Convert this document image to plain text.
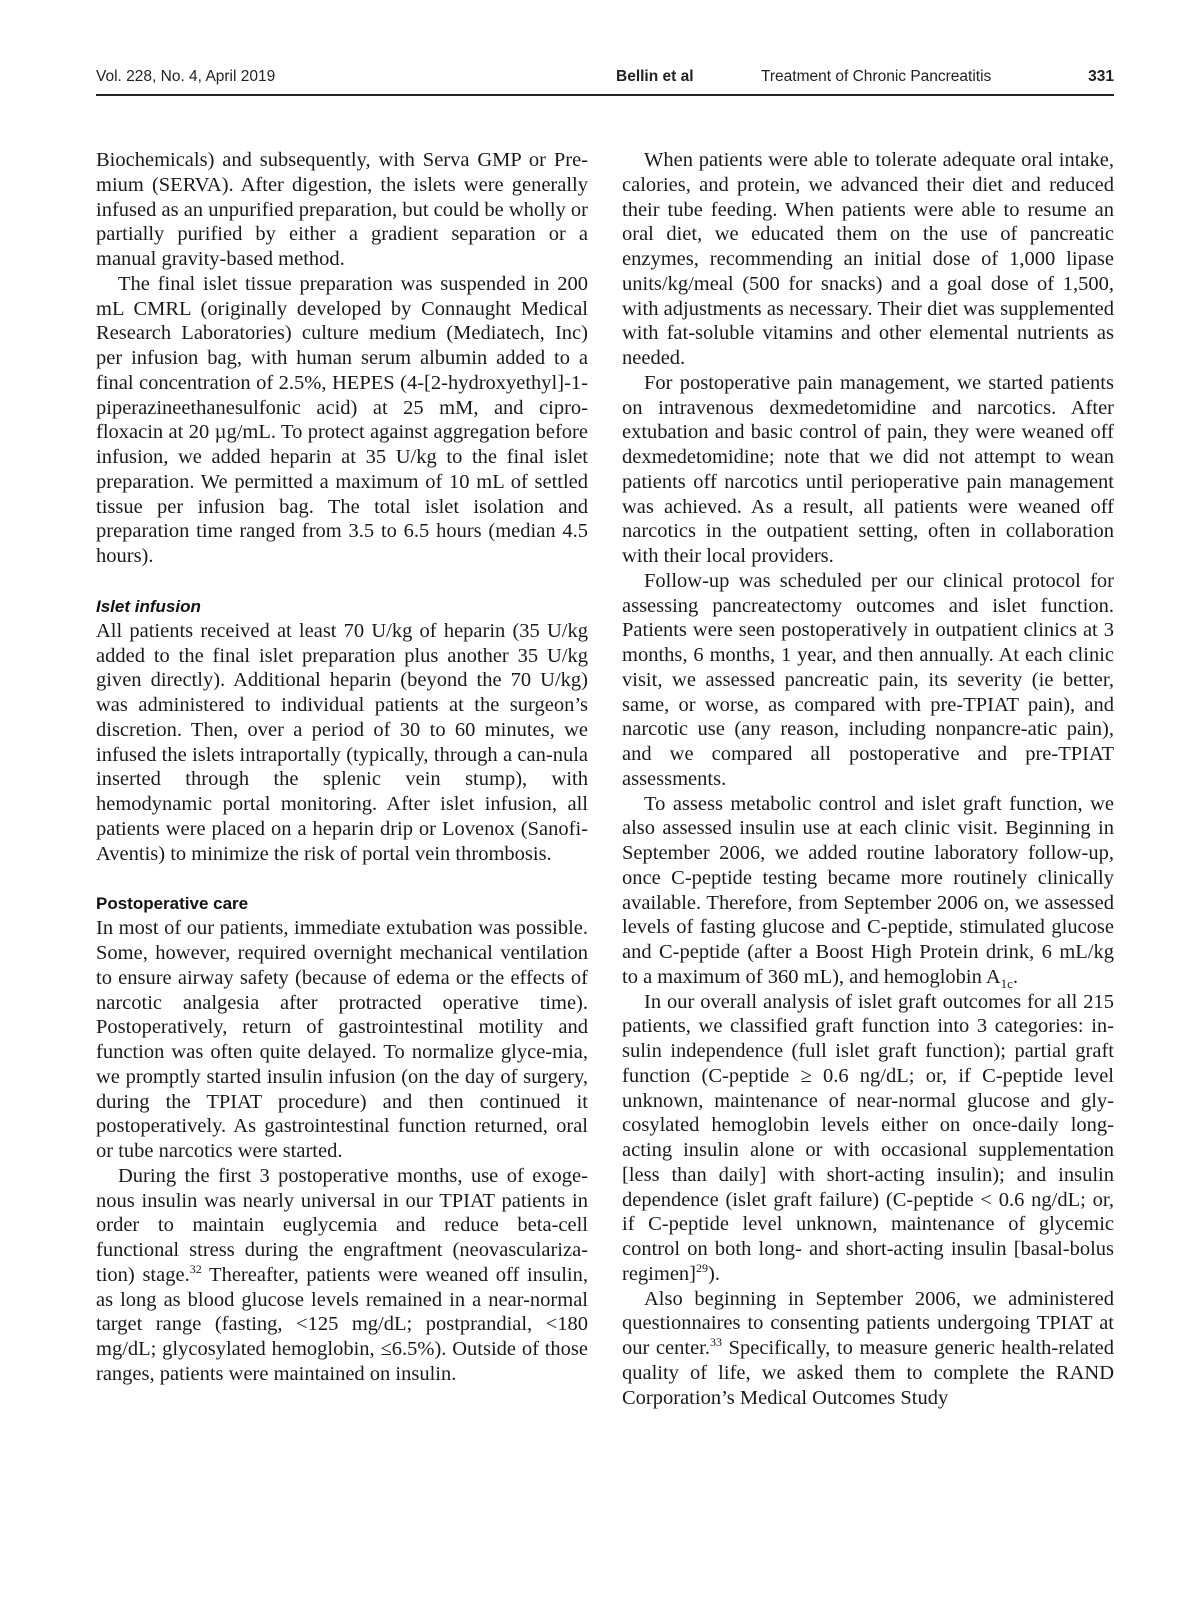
Vol. 228, No. 4, April 2019	Bellin et al	Treatment of Chronic Pancreatitis	331

Biochemicals) and subsequently, with Serva GMP or Pre-mium (SERVA). After digestion, the islets were generally infused as an unpurified preparation, but could be wholly or partially purified by either a gradient separation or a manual gravity-based method.

The final islet tissue preparation was suspended in 200 mL CMRL (originally developed by Connaught Medical Research Laboratories) culture medium (Mediatech, Inc) per infusion bag, with human serum albumin added to a final concentration of 2.5%, HEPES (4-[2-hydroxyethyl]-1-piperazineethanesulfonic acid) at 25 mM, and cipro-floxacin at 20 µg/mL. To protect against aggregation before infusion, we added heparin at 35 U/kg to the final islet preparation. We permitted a maximum of 10 mL of settled tissue per infusion bag. The total islet isolation and preparation time ranged from 3.5 to 6.5 hours (median 4.5 hours).

Islet infusion

All patients received at least 70 U/kg of heparin (35 U/kg added to the final islet preparation plus another 35 U/kg given directly). Additional heparin (beyond the 70 U/kg) was administered to individual patients at the surgeon’s discretion. Then, over a period of 30 to 60 minutes, we infused the islets intraportally (typically, through a can-nula inserted through the splenic vein stump), with hemodynamic portal monitoring. After islet infusion, all patients were placed on a heparin drip or Lovenox (Sanofi-Aventis) to minimize the risk of portal vein thrombosis.

Postoperative care

In most of our patients, immediate extubation was possible. Some, however, required overnight mechanical ventilation to ensure airway safety (because of edema or the effects of narcotic analgesia after protracted operative time). Postoperatively, return of gastrointestinal motility and function was often quite delayed. To normalize glyce-mia, we promptly started insulin infusion (on the day of surgery, during the TPIAT procedure) and then continued it postoperatively. As gastrointestinal function returned, oral or tube narcotics were started.

During the first 3 postoperative months, use of exoge-nous insulin was nearly universal in our TPIAT patients in order to maintain euglycemia and reduce beta-cell functional stress during the engraftment (neovasculariza-tion) stage.$^{32}$ Thereafter, patients were weaned off insulin, as long as blood glucose levels remained in a near-normal target range (fasting, <125 mg/dL; postprandial, <180 mg/dL; glycosylated hemoglobin, ≤6.5%). Outside of those ranges, patients were maintained on insulin.

When patients were able to tolerate adequate oral intake, calories, and protein, we advanced their diet and reduced their tube feeding. When patients were able to resume an oral diet, we educated them on the use of pancreatic enzymes, recommending an initial dose of 1,000 lipase units/kg/meal (500 for snacks) and a goal dose of 1,500, with adjustments as necessary. Their diet was supplemented with fat-soluble vitamins and other elemental nutrients as needed.

For postoperative pain management, we started patients on intravenous dexmedetomidine and narcotics. After extubation and basic control of pain, they were weaned off dexmedetomidine; note that we did not attempt to wean patients off narcotics until perioperative pain management was achieved. As a result, all patients were weaned off narcotics in the outpatient setting, often in collaboration with their local providers.

Follow-up was scheduled per our clinical protocol for assessing pancreatectomy outcomes and islet function. Patients were seen postoperatively in outpatient clinics at 3 months, 6 months, 1 year, and then annually. At each clinic visit, we assessed pancreatic pain, its severity (ie better, same, or worse, as compared with pre-TPIAT pain), and narcotic use (any reason, including nonpancre-atic pain), and we compared all postoperative and pre-TPIAT assessments.

To assess metabolic control and islet graft function, we also assessed insulin use at each clinic visit. Beginning in September 2006, we added routine laboratory follow-up, once C-peptide testing became more routinely clinically available. Therefore, from September 2006 on, we assessed levels of fasting glucose and C-peptide, stimulated glucose and C-peptide (after a Boost High Protein drink, 6 mL/kg to a maximum of 360 mL), and hemoglobin $A_{1c}$.

In our overall analysis of islet graft outcomes for all 215 patients, we classified graft function into 3 categories: in-sulin independence (full islet graft function); partial graft function (C-peptide ≥ 0.6 ng/dL; or, if C-peptide level unknown, maintenance of near-normal glucose and gly-cosylated hemoglobin levels either on once-daily long-acting insulin alone or with occasional supplementation [less than daily] with short-acting insulin); and insulin dependence (islet graft failure) (C-peptide < 0.6 ng/dL; or, if C-peptide level unknown, maintenance of glycemic control on both long- and short-acting insulin [basal-bolus regimen]$^{29}$).

Also beginning in September 2006, we administered questionnaires to consenting patients undergoing TPIAT at our center.$^{33}$ Specifically, to measure generic health-related quality of life, we asked them to complete the RAND Corporation’s Medical Outcomes Study
